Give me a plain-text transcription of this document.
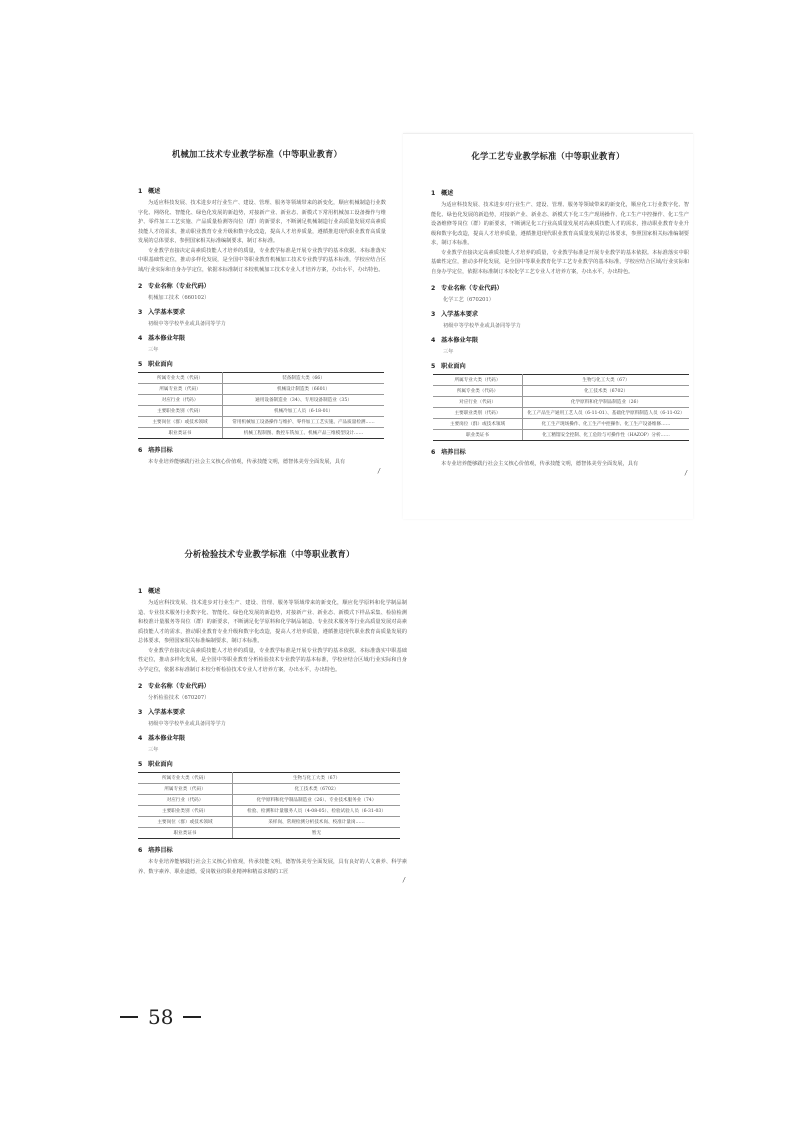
机械加工技术专业教学标准（中等职业教育）
1 概述

为适应科技发展、技术进步对行业生产、建设、管理、服务等领域带来的新变化，顺应机械制造行业数字化、网络化、智能化、绿色化发展的新趋势，对接新产业、新业态、新模式下常用机械加工设备操作与维护、零件加工工艺实施、产品质量检测等岗位（群）的新要求，不断满足机械制造行业高质量发展对高素质技能人才的需求，推动职业教育专业升级和数字化改造，提高人才培养质量，遵循推进现代职业教育高质量发展的总体要求，参照国家相关标准编制要求，制订本标准。

专业教学直接决定高素质技能人才培养的质量，专业教学标准是开展专业教学的基本依据。本标准落实中职基础性定位，推动多样化发展，是全国中等职业教育机械加工技术专业教学的基本标准，学校应结合区域/行业实际和自身办学定位，依据本标准制订本校机械加工技术专业人才培养方案，办出水平，办出特色。

2 专业名称（专业代码）
机械加工技术（660102）
3 入学基本要求
初级中等学校毕业或具备同等学力
4 基本修业年限
三年
5 职业面向
所属专业大类（代码）	装备制造大类（66）
所属专业类（代码）	机械设计制造类（6601）
对应行业（代码）	通用设备制造业（34）、专用设备制造业（35）
主要职业类别（代码）	机械冷加工人员（6-18-01）
主要岗位（群）或技术领域	常用机械加工设备操作与维护、零件加工工艺实施、产品质量检测……
职业类证书	机械工程制图、数控车铣加工、机械产品三维模型设计……
6 培养目标

本专业培养能够践行社会主义核心价值观，传承技能文明，德智体美劳全面发展，具有

/
化学工艺专业教学标准（中等职业教育）
1 概述

为适应科技发展、技术进步对行业生产、建设、管理、服务等领域带来的新变化，顺应化工行业数字化、智能化、绿色化发展的新趋势，对接新产业、新业态、新模式下化工生产现场操作、化工生产中控操作、化工生产设备维修等岗位（群）的新要求，不断满足化工行业高质量发展对高素质技能人才的需求，推动职业教育专业升级和数字化改造，提高人才培养质量，遵循推进现代职业教育高质量发展的总体要求，参照国家相关标准编制要求，制订本标准。

专业教学直接决定高素质技能人才培养的质量，专业教学标准是开展专业教学的基本依据。本标准落实中职基础性定位，推动多样化发展，是全国中等职业教育化学工艺专业教学的基本标准，学校应结合区域/行业实际和自身办学定位，依据本标准制订本校化学工艺专业人才培养方案，办出水平，办出特色。

2 专业名称（专业代码）
化学工艺（670201）
3 入学基本要求
初级中等学校毕业或具备同等学力
4 基本修业年限
三年
5 职业面向
所属专业大类（代码）	生物与化工大类（67）
所属专业类（代码）	化工技术类（6702）
对应行业（代码）	化学原料和化学制品制造业（26）
主要职业类别（代码）	化工产品生产通用工艺人员（6-11-01）、基础化学原料制造人员（6-11-02）
主要岗位（群）或技术领域	化工生产现场操作、化工生产中控操作、化工生产设备维修……
职业类证书	化工精馏安全控制、化工危险与可操作性（HAZOP）分析……
6 培养目标

本专业培养能够践行社会主义核心价值观，传承技能文明，德智体美劳全面发展，具有

/
分析检验技术专业教学标准（中等职业教育）
1 概述

为适应科技发展、技术进步对行业生产、建设、管理、服务等领域带来的新变化，顺应化学原料和化学制品制造、专业技术服务行业数字化、智能化、绿色化发展的新趋势，对接新产业、新业态、新模式下样品采集、检验检测和校准计量服务等岗位（群）的新要求，不断满足化学原料和化学制品制造、专业技术服务等行业高质量发展对高素质技能人才的需求，推动职业教育专业升级和数字化改造，提高人才培养质量，遵循推进现代职业教育高质量发展的总体要求，参照国家相关标准编制要求，制订本标准。

专业教学直接决定高素质技能人才培养的质量，专业教学标准是开展专业教学的基本依据。本标准落实中职基础性定位，推动多样化发展，是全国中等职业教育分析检验技术专业教学的基本标准，学校应结合区域/行业实际和自身办学定位，依据本标准制订本校分析检验技术专业人才培养方案，办出水平，办出特色。

2 专业名称（专业代码）
分析检验技术（670207）
3 入学基本要求
初级中等学校毕业或具备同等学力
4 基本修业年限
三年
5 职业面向
所属专业大类（代码）	生物与化工大类（67）
所属专业类（代码）	化工技术类（6702）
对应行业（代码）	化学原料和化学制品制造业（26）、专业技术服务业（74）
主要职业类别（代码）	检验、检测和计量服务人员（4-08-05）、检验试验人员（6-31-03）
主要岗位（群）或技术领域	采样岗、常规检测分析技术岗、校准计量岗……
职业类证书	暂无
6 培养目标

本专业培养能够践行社会主义核心价值观，传承技能文明，德智体美劳全面发展，具有良好的人文素养、科学素养、数字素养、职业道德，爱岗敬业的职业精神和精益求精的工匠

/
58
